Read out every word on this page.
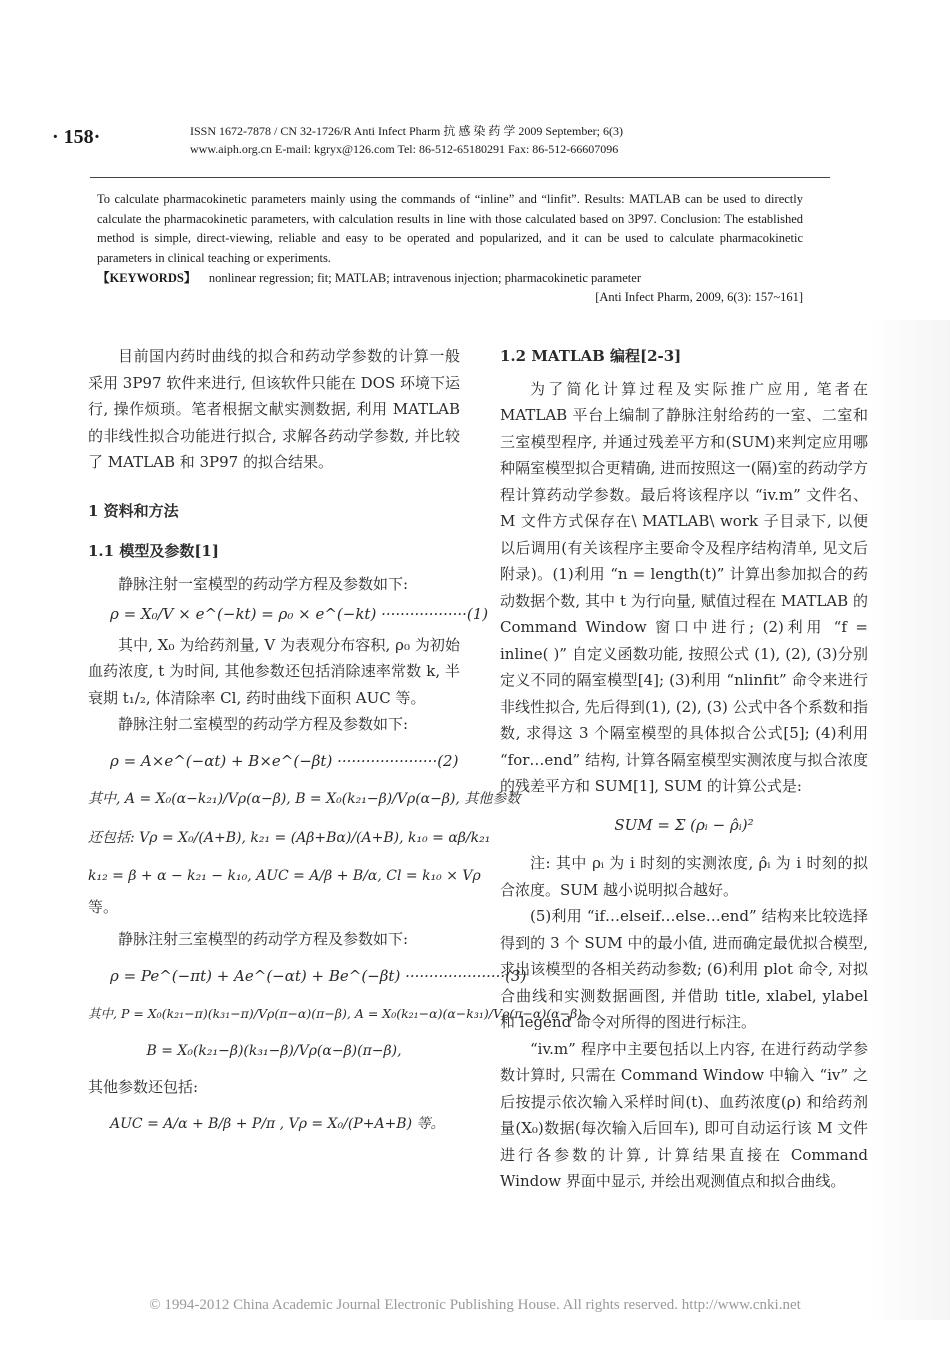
· 158·	ISSN 1672-7878 / CN 32-1726/R Anti Infect Pharm 抗 感 染 药 学 2009 September; 6(3)
www.aiph.org.cn E-mail: kgryx@126.com Tel: 86-512-65180291 Fax: 86-512-66607096
To calculate pharmacokinetic parameters mainly using the commands of “inline” and “linfit”. Results: MATLAB can be used to directly calculate the pharmacokinetic parameters, with calculation results in line with those calculated based on 3P97. Conclusion: The established method is simple, direct-viewing, reliable and easy to be operated and popularized, and it can be used to calculate pharmacokinetic parameters in clinical teaching or experiments.
【KEYWORDS】 nonlinear regression; fit; MATLAB; intravenous injection; pharmacokinetic parameter
[Anti Infect Pharm, 2009, 6(3): 157~161]

目前国内药时曲线的拟合和药动学参数的计算一般采用 3P97 软件来进行, 但该软件只能在 DOS 环境下运行, 操作烦琐。笔者根据文献实测数据, 利用 MATLAB 的非线性拟合功能进行拟合, 求解各药动学参数, 并比较了 MATLAB 和 3P97 的拟合结果。

1 资料和方法

1.1 模型及参数[1]

静脉注射一室模型的药动学方程及参数如下:

ρ = X₀/V × e^(−kt) = ρ₀ × e^(−kt) ··················(1)

其中, X₀ 为给药剂量, V 为表观分布容积, ρ₀ 为初始血药浓度, t 为时间, 其他参数还包括消除速率常数 k, 半衰期 t₁/₂, 体清除率 Cl, 药时曲线下面积 AUC 等。

静脉注射二室模型的药动学方程及参数如下:

ρ = A×e^(−αt) + B×e^(−βt) ·····················(2)
其中, A = X₀(α−k₂₁)/Vρ(α−β), B = X₀(k₂₁−β)/Vρ(α−β), 其他参数
还包括: Vρ = X₀/(A+B), k₂₁ = (Aβ+Bα)/(A+B), k₁₀ = αβ/k₂₁
k₁₂ = β + α − k₂₁ − k₁₀, AUC = A/β + B/α, Cl = k₁₀ × Vρ

等。

静脉注射三室模型的药动学方程及参数如下:

ρ = Pe^(−πt) + Ae^(−αt) + Be^(−βt) ·····················(3)
其中, P = X₀(k₂₁−π)(k₃₁−π)/Vρ(π−α)(π−β), A = X₀(k₂₁−α)(α−k₃₁)/Vρ(π−α)(α−β),
B = X₀(k₂₁−β)(k₃₁−β)/Vρ(α−β)(π−β),

其他参数还包括:

AUC = A/α + B/β + P/π , Vρ = X₀/(P+A+B) 等。

1.2 MATLAB 编程[2-3]

为了简化计算过程及实际推广应用, 笔者在 MATLAB 平台上编制了静脉注射给药的一室、二室和三室模型程序, 并通过残差平方和(SUM)来判定应用哪种隔室模型拟合更精确, 进而按照这一(隔)室的药动学方程计算药动学参数。最后将该程序以 “iv.m” 文件名、M 文件方式保存在\ MATLAB\ work 子目录下, 以便以后调用(有关该程序主要命令及程序结构清单, 见文后附录)。(1)利用 “n = length(t)” 计算出参加拟合的药动数据个数, 其中 t 为行向量, 赋值过程在 MATLAB 的 Command Window 窗口中进行; (2)利用 “f = inline( )” 自定义函数功能, 按照公式 (1), (2), (3)分别定义不同的隔室模型[4]; (3)利用 “nlinfit” 命令来进行非线性拟合, 先后得到(1), (2), (3) 公式中各个系数和指数, 求得这 3 个隔室模型的具体拟合公式[5]; (4)利用 “for…end” 结构, 计算各隔室模型实测浓度与拟合浓度的残差平方和 SUM[1], SUM 的计算公式是:

SUM = Σ (ρᵢ − ρ̂ᵢ)²

注: 其中 ρᵢ 为 i 时刻的实测浓度, ρ̂ᵢ 为 i 时刻的拟合浓度。SUM 越小说明拟合越好。

(5)利用 “if…elseif…else…end” 结构来比较选择得到的 3 个 SUM 中的最小值, 进而确定最优拟合模型, 求出该模型的各相关药动参数; (6)利用 plot 命令, 对拟合曲线和实测数据画图, 并借助 title, xlabel, ylabel 和 legend 命令对所得的图进行标注。

“iv.m” 程序中主要包括以上内容, 在进行药动学参数计算时, 只需在 Command Window 中输入 “iv” 之后按提示依次输入采样时间(t)、血药浓度(ρ) 和给药剂量(X₀)数据(每次输入后回车), 即可自动运行该 M 文件进行各参数的计算, 计算结果直接在 Command Window 界面中显示, 并绘出观测值点和拟合曲线。

© 1994-2012 China Academic Journal Electronic Publishing House. All rights reserved. http://www.cnki.net
